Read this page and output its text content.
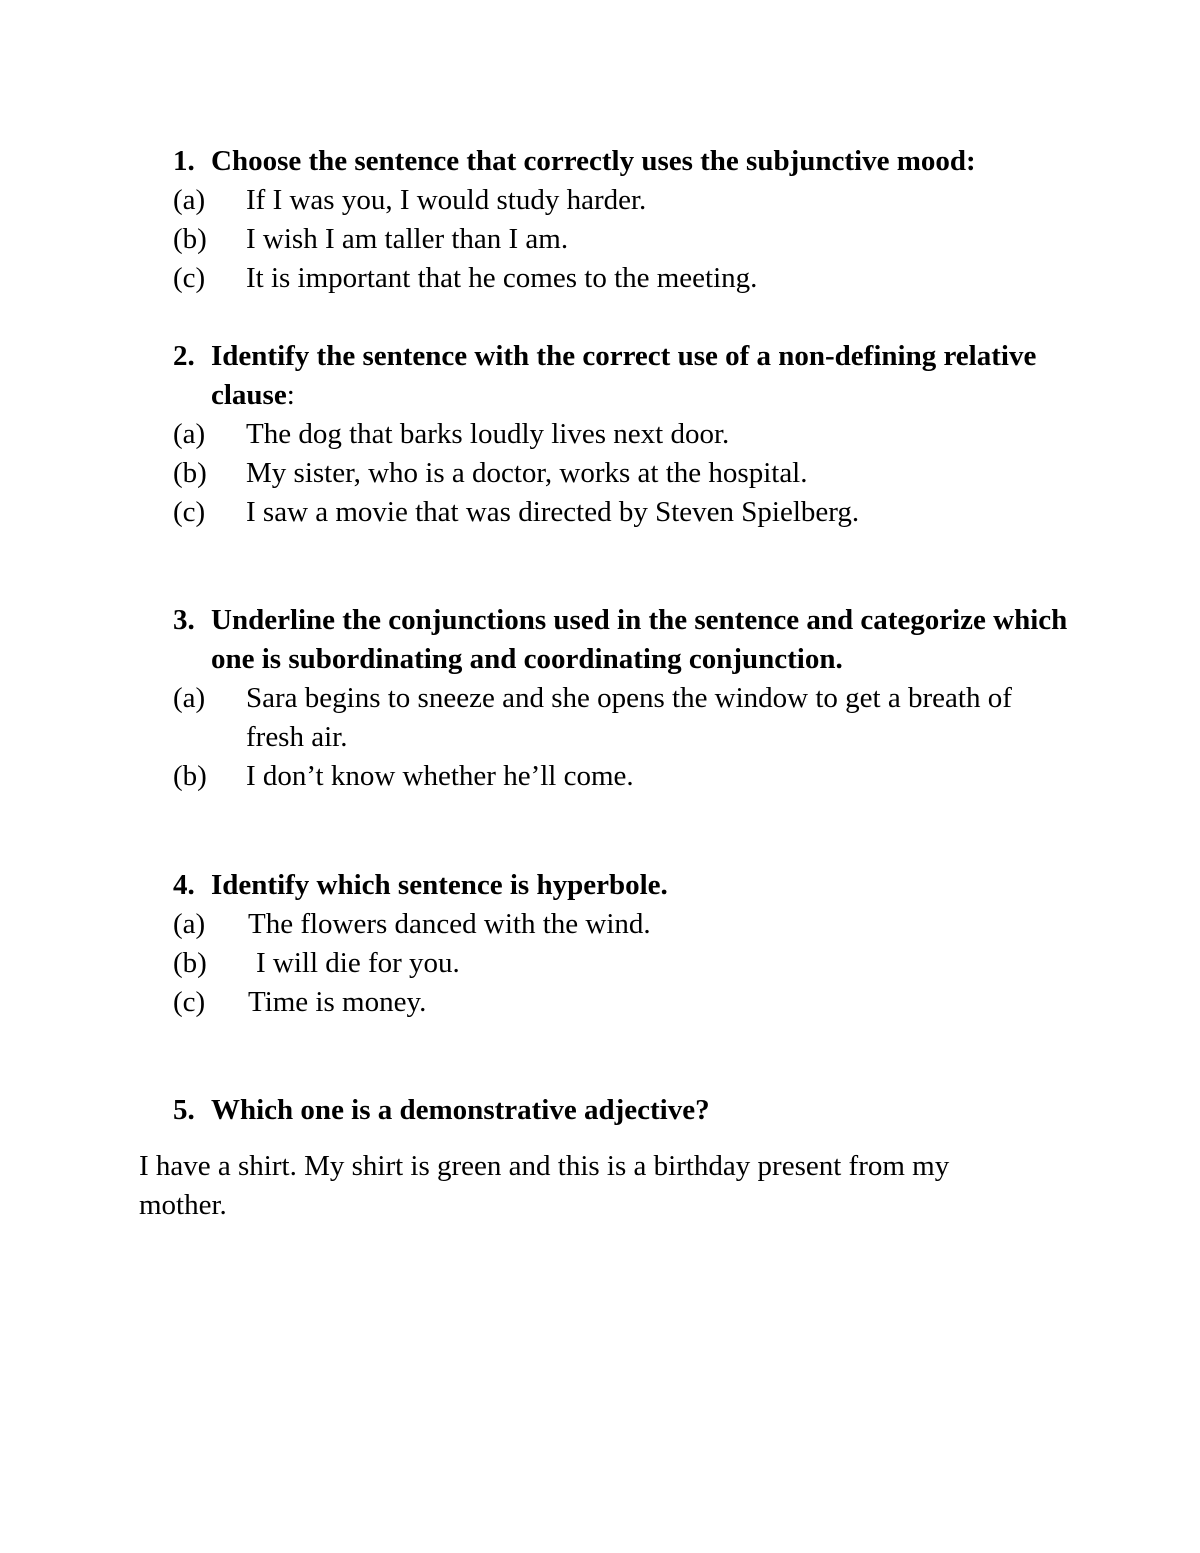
1. Choose the sentence that correctly uses the subjunctive mood:
(a)	If I was you, I would study harder.
(b)	I wish I am taller than I am.
(c)	It is important that he comes to the meeting.
2. Identify the sentence with the correct use of a non-defining relative clause:
(a)	The dog that barks loudly lives next door.
(b)	My sister, who is a doctor, works at the hospital.
(c)	I saw a movie that was directed by Steven Spielberg.
3. Underline the conjunctions used in the sentence and categorize which one is subordinating and coordinating conjunction.
(a)	Sara begins to sneeze and she opens the window to get a breath of fresh air.
(b)	I don’t know whether he’ll come.
4. Identify which sentence is hyperbole.
(a)	The flowers danced with the wind.
(b)	I will die for you.
(c)	Time is money.
5. Which one is a demonstrative adjective?
I have a shirt. My shirt is green and this is a birthday present from my mother.
